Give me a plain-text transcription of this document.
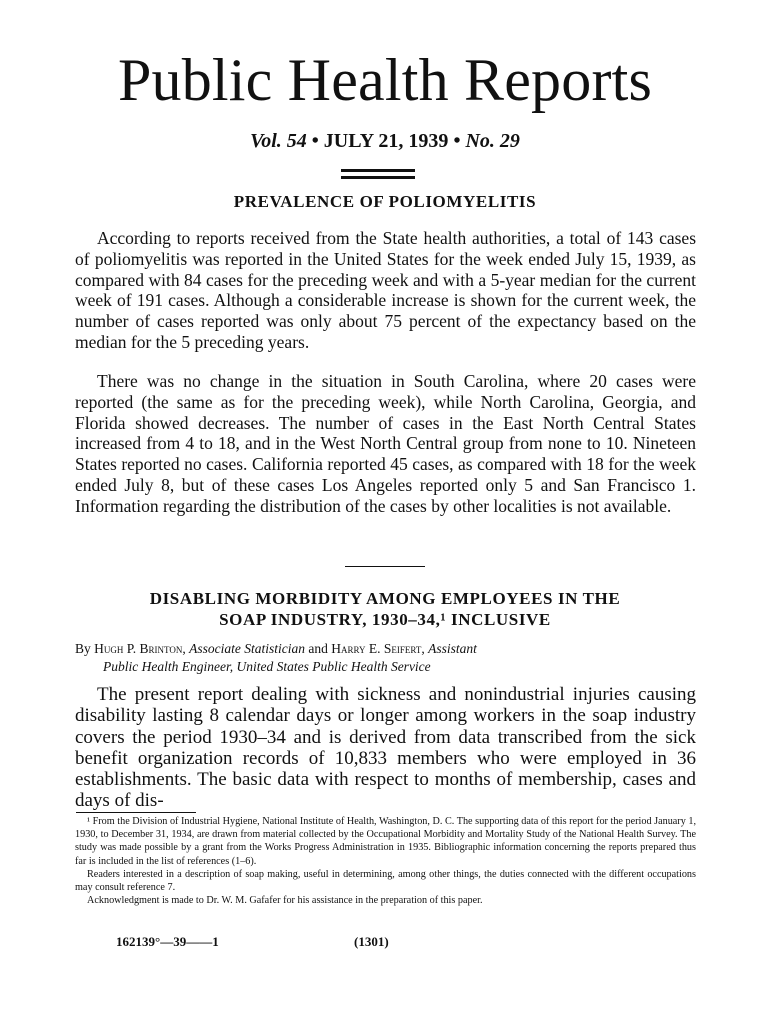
Public Health Reports
Vol. 54 • JULY 21, 1939 • No. 29
PREVALENCE OF POLIOMYELITIS

According to reports received from the State health authorities, a total of 143 cases of poliomyelitis was reported in the United States for the week ended July 15, 1939, as compared with 84 cases for the preceding week and with a 5-year median for the current week of 191 cases. Although a considerable increase is shown for the current week, the number of cases reported was only about 75 percent of the expectancy based on the median for the 5 preceding years.

There was no change in the situation in South Carolina, where 20 cases were reported (the same as for the preceding week), while North Carolina, Georgia, and Florida showed decreases. The number of cases in the East North Central States increased from 4 to 18, and in the West North Central group from none to 10. Nineteen States reported no cases. California reported 45 cases, as compared with 18 for the week ended July 8, but of these cases Los Angeles reported only 5 and San Francisco 1. Information regarding the distribution of the cases by other localities is not available.

DISABLING MORBIDITY AMONG EMPLOYEES IN THE
SOAP INDUSTRY, 1930–34,¹ INCLUSIVE
By Hugh P. Brinton, Associate Statistician and Harry E. Seifert, Assistant
Public Health Engineer, United States Public Health Service

The present report dealing with sickness and nonindustrial injuries causing disability lasting 8 calendar days or longer among workers in the soap industry covers the period 1930–34 and is derived from data transcribed from the sick benefit organization records of 10,833 members who were employed in 36 establishments. The basic data with respect to months of membership, cases and days of dis-

¹ From the Division of Industrial Hygiene, National Institute of Health, Washington, D. C. The supporting data of this report for the period January 1, 1930, to December 31, 1934, are drawn from material collected by the Occupational Morbidity and Mortality Study of the National Health Survey. The study was made possible by a grant from the Works Progress Administration in 1935. Bibliographic information concerning the reports prepared thus far is included in the list of references (1–6).

Readers interested in a description of soap making, useful in determining, among other things, the duties connected with the different occupations may consult reference 7.

Acknowledgment is made to Dr. W. M. Gafafer for his assistance in the preparation of this paper.

162139°—39——1	(1301)
